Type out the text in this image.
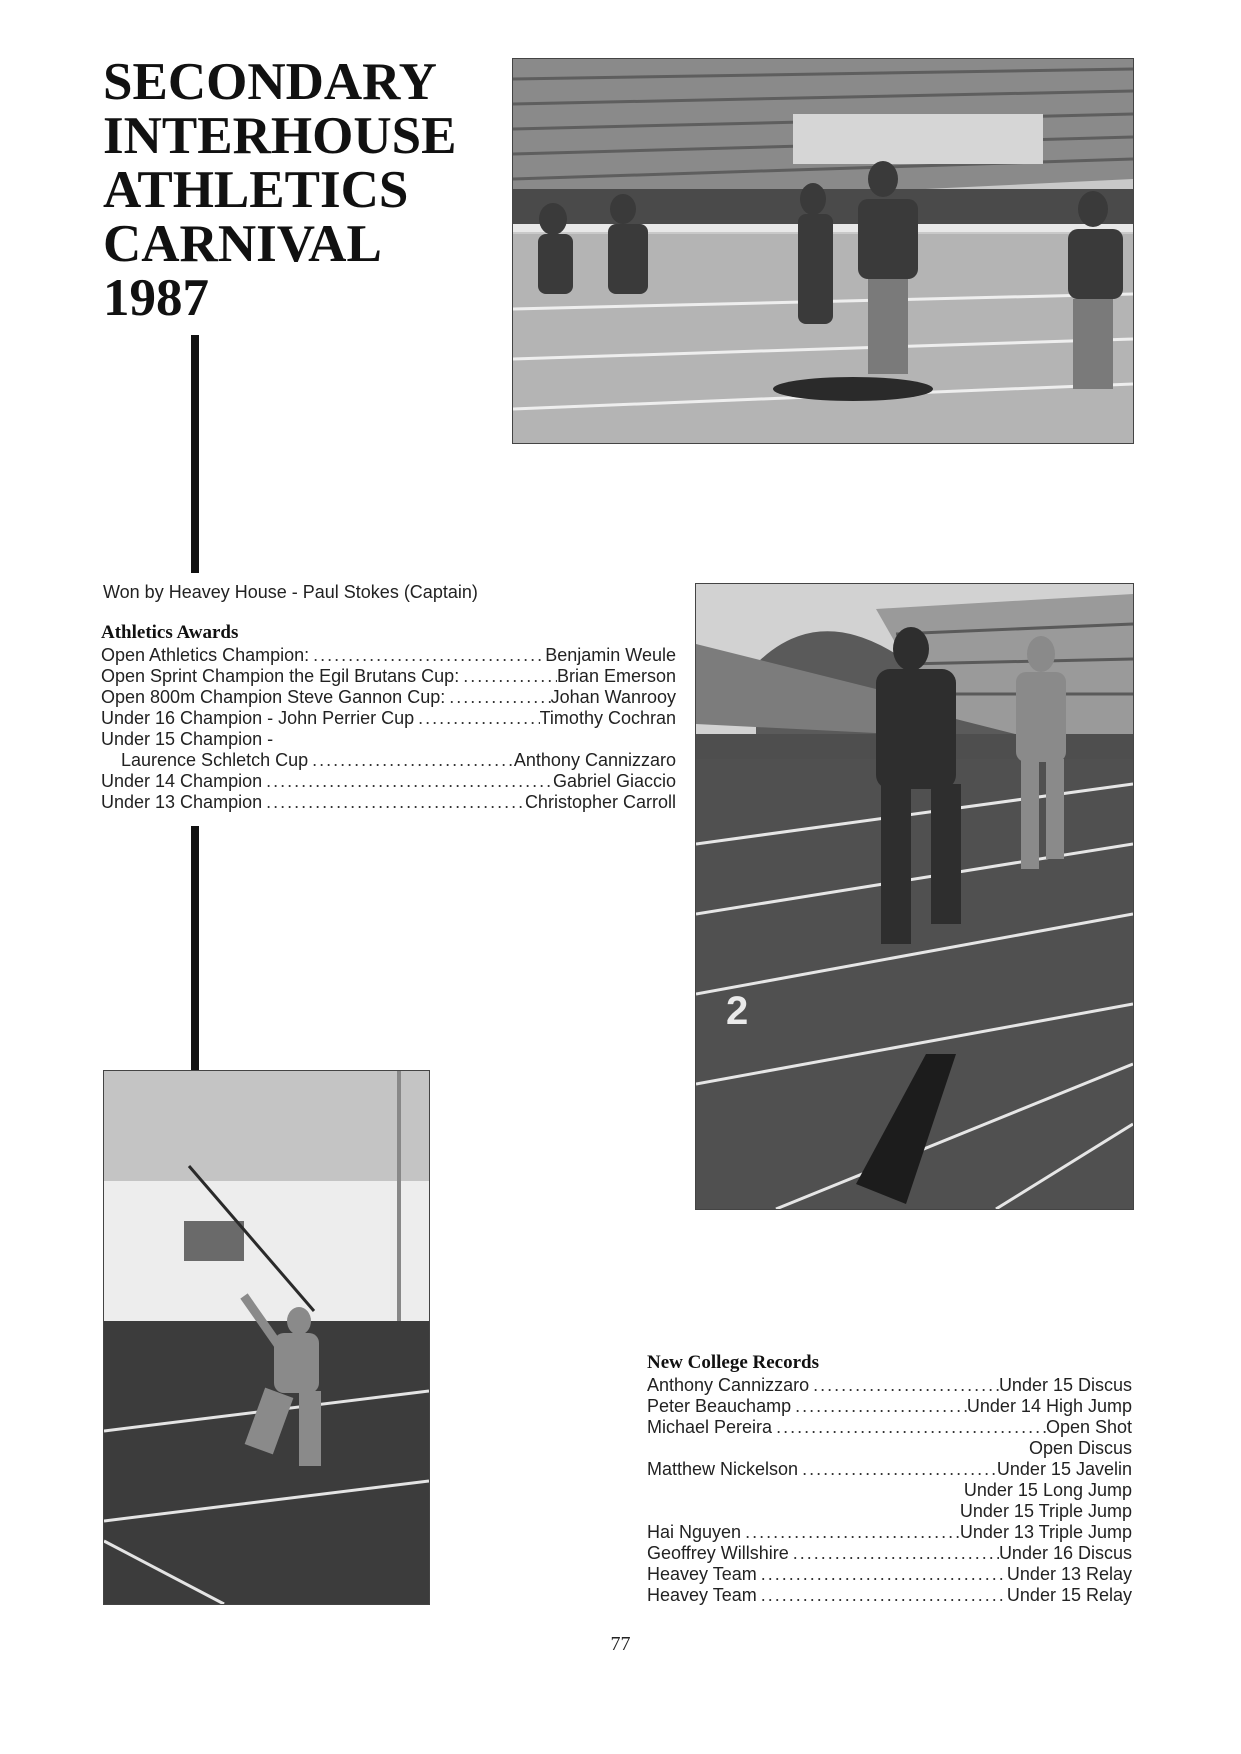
SECONDARY
INTERHOUSE
ATHLETICS
CARNIVAL
1987
2

Won by Heavey House - Paul Stokes (Captain)

Athletics Awards

Open Athletics Champion: .....	Benjamin Weule
Open Sprint Champion the Egil Brutans Cup: .....	Brian Emerson
Open 800m Champion Steve Gannon Cup: .....	Johan Wanrooy
Under 16 Champion - John Perrier Cup .....	Timothy Cochran
Under 15 Champion -
Laurence Schletch Cup .....	Anthony Cannizzaro
Under 14 Champion .....	Gabriel Giaccio
Under 13 Champion .....	Christopher Carroll

New College Records

Anthony Cannizzaro .....	Under 15 Discus
Peter Beauchamp .....	Under 14 High Jump
Michael Pereira .....	Open Shot
Open Discus
Matthew Nickelson .....	Under 15 Javelin
Under 15 Long Jump
Under 15 Triple Jump
Hai Nguyen .....	Under 13 Triple Jump
Geoffrey Willshire .....	Under 16 Discus
Heavey Team .....	Under 13 Relay
Heavey Team .....	Under 15 Relay
77
